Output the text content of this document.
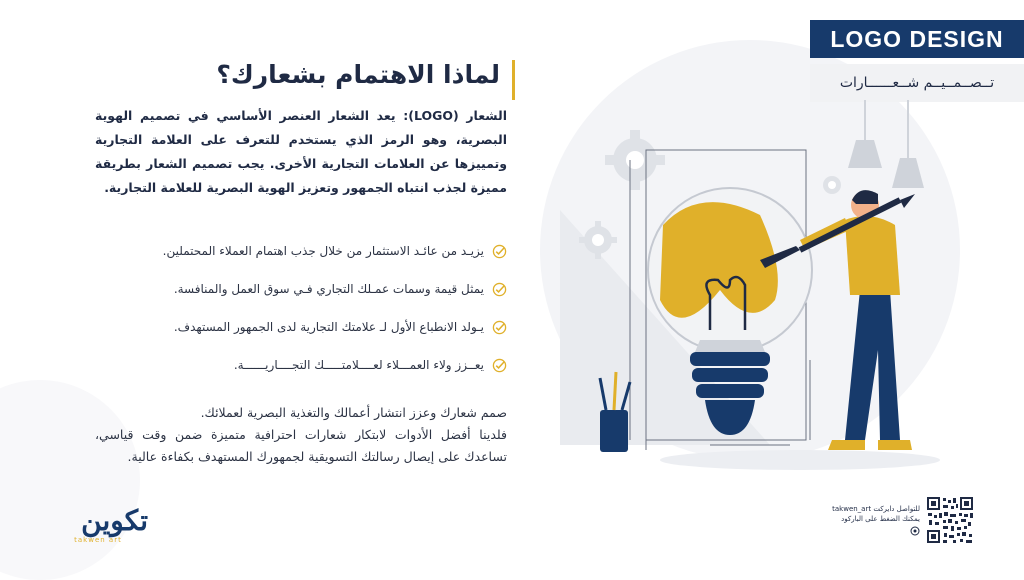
LOGO DESIGN
تــصــمــيــم شــعــــــارات
لماذا الاهتمام بشعارك؟

الشعار (LOGO): يعد الشعار العنصر الأساسي في تصميم الهوية البصرية، وهو الرمز الذي يستخدم للتعرف على العلامة التجارية وتمييزها عن العلامات التجارية الأخرى. يجب تصميم الشعار بطريقة مميزة لجذب انتباه الجمهور وتعزيز الهوية البصرية للعلامة التجارية.

يزيـد من عائـد الاستثمار من خلال جذب اهتمام العملاء المحتملين.
يمثل قيمة وسمات عمـلك التجاري فـي سوق العمل والمنافسة.
يـولد الانطباع الأول لـ علامتك التجارية لدى الجمهور المستهدف.
يعــزز ولاء العمـــلاء لعــــلامتـــــك التجــــاريــــــة.
صمم شعارك وعزز انتشار أعمالك والتغذية البصرية لعملائك.
فلدينا أفضل الأدوات لابتكار شعارات احترافية متميزة ضمن وقت قياسي، تساعدك على إيصال رسالتك التسويقية لجمهورك المستهدف بكفاءة عالية.
تكوين
takwen art
للتواصل دايركت takwen_art
يمكنك الضغط على الباركود
